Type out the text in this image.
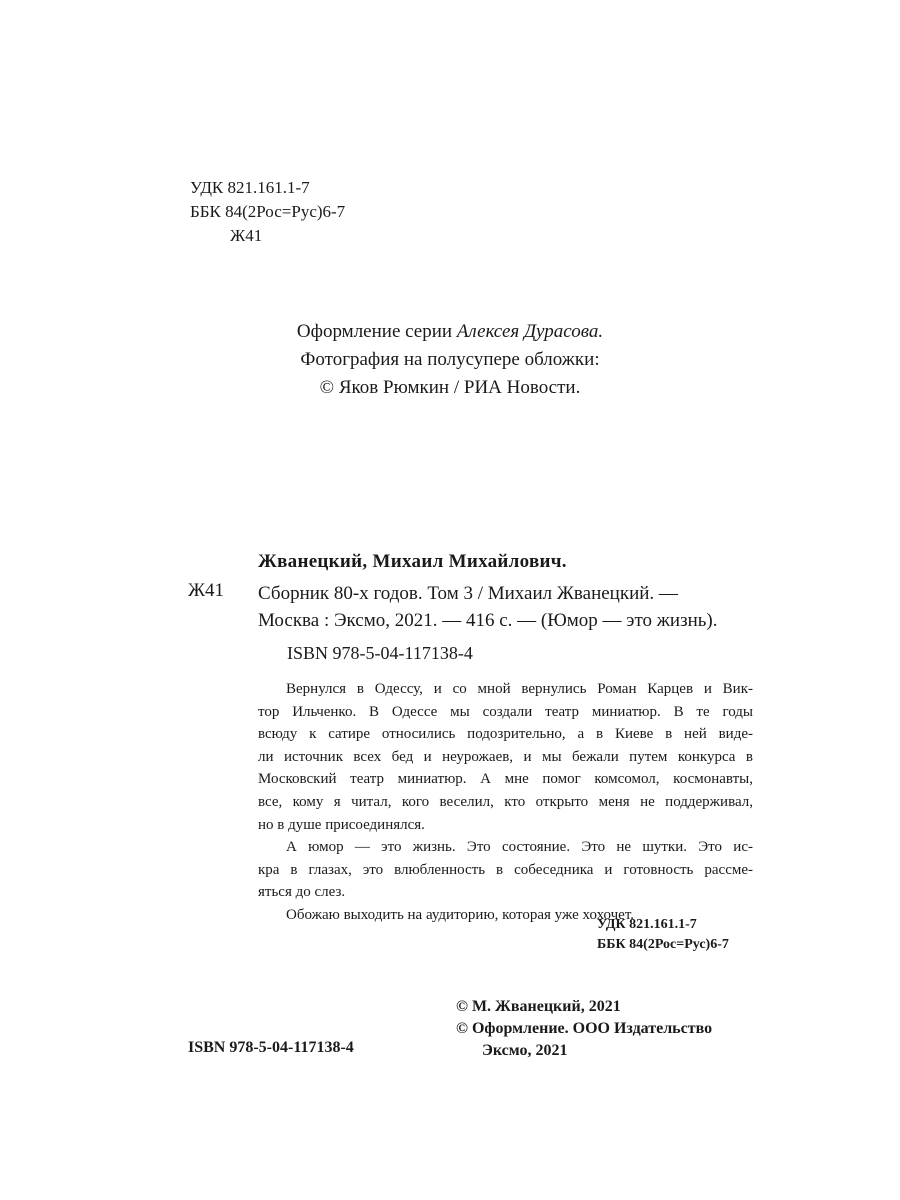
УДК 821.161.1-7
ББК 84(2Рос=Рус)6-7
Ж41
Оформление серии Алексея Дурасова.
Фотография на полусупере обложки:
© Яков Рюмкин / РИА Новости.
Жванецкий, Михаил Михайлович.
Ж41 Сборник 80-х годов. Том 3 / Михаил Жванецкий. —
Москва : Эксмо, 2021. — 416 с. — (Юмор — это жизнь).
ISBN 978-5-04-117138-4
Вернулся в Одессу, и со мной вернулись Роман Карцев и Вик-
тор Ильченко. В Одессе мы создали театр миниатюр. В те годы
всюду к сатире относились подозрительно, а в Киеве в ней виде-
ли источник всех бед и неурожаев, и мы бежали путем конкурса в
Московский театр миниатюр. А мне помог комсомол, космонавты,
все, кому я читал, кого веселил, кто открыто меня не поддерживал,
но в душе присоединялся.
А юмор — это жизнь. Это состояние. Это не шутки. Это ис-
кра в глазах, это влюбленность в собеседника и готовность рассме-
яться до слез.
Обожаю выходить на аудиторию, которая уже хохочет.
УДК 821.161.1-7
ББК 84(2Рос=Рус)6-7
© М. Жванецкий, 2021
© Оформление. ООО Издательство
Эксмо, 2021
ISBN 978-5-04-117138-4
